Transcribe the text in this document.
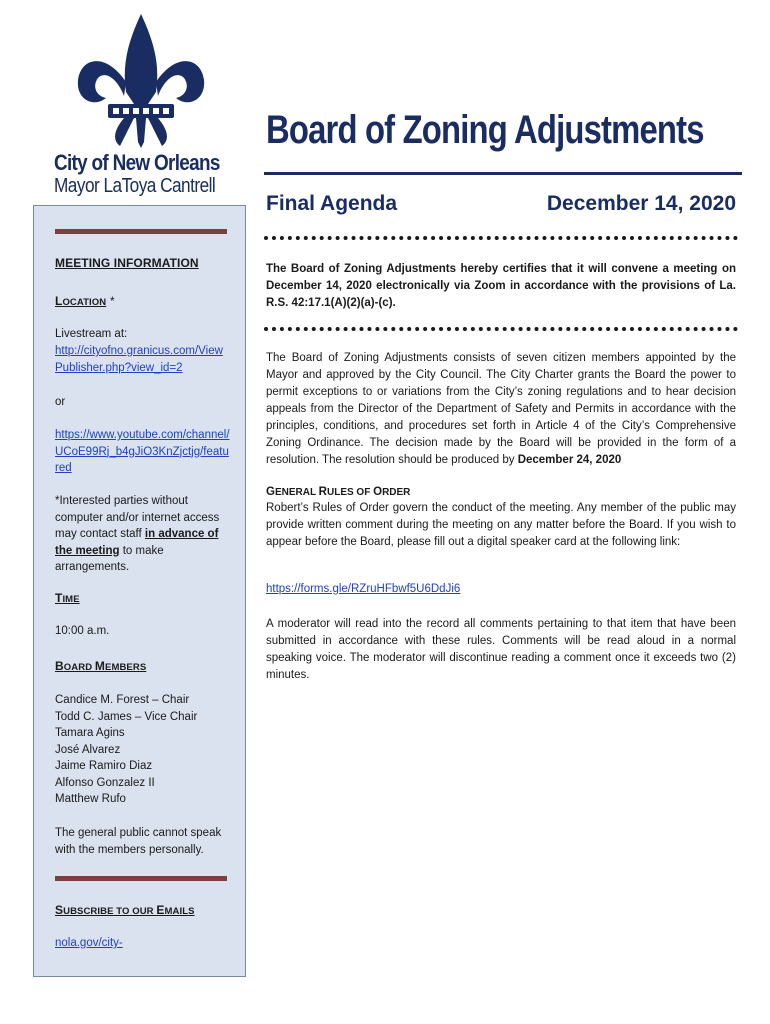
City of New Orleans

Mayor LaToya Cantrell

Board of Zoning Adjustments

Final Agenda	December 14, 2020

MEETING INFORMATION

LOCATION *

Livestream at:

http://cityofno.granicus.com/ViewPublisher.php?view_id=2

or

https://www.youtube.com/channel/UCoE99Rj_b4gJiO3KnZjctjg/featured

*Interested parties without computer and/or internet access may contact staff in advance of the meeting to make arrangements.

TIME

10:00 a.m.

BOARD MEMBERS

Candice M. Forest – Chair
Todd C. James – Vice Chair
Tamara Agins
José Alvarez
Jaime Ramiro Diaz
Alfonso Gonzalez II
Matthew Rufo

The general public cannot speak with the members personally.

SUBSCRIBE TO OUR EMAILS

nola.gov/city-

The Board of Zoning Adjustments hereby certifies that it will convene a meeting on December 14, 2020 electronically via Zoom in accordance with the provisions of La. R.S. 42:17.1(A)(2)(a)-(c).

The Board of Zoning Adjustments consists of seven citizen members appointed by the Mayor and approved by the City Council. The City Charter grants the Board the power to permit exceptions to or variations from the City’s zoning regulations and to hear decision appeals from the Director of the Department of Safety and Permits in accordance with the principles, conditions, and procedures set forth in Article 4 of the City’s Comprehensive Zoning Ordinance. The decision made by the Board will be provided in the form of a resolution. The resolution should be produced by December 24, 2020

GENERAL RULES OF ORDER

Robert’s Rules of Order govern the conduct of the meeting. Any member of the public may provide written comment during the meeting on any matter before the Board. If you wish to appear before the Board, please fill out a digital speaker card at the following link:

https://forms.gle/RZruHFbwf5U6DdJi6

A moderator will read into the record all comments pertaining to that item that have been submitted in accordance with these rules. Comments will be read aloud in a normal speaking voice. The moderator will discontinue reading a comment once it exceeds two (2) minutes.
